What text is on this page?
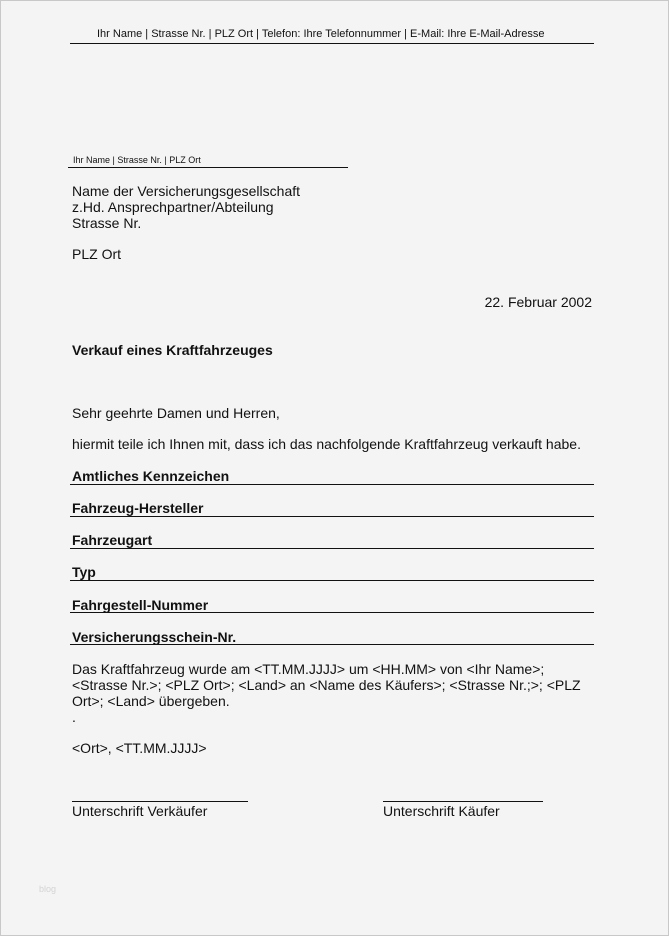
Ihr Name | Strasse Nr. | PLZ Ort | Telefon: Ihre Telefonnummer | E-Mail: Ihre E-Mail-Adresse
Ihr Name | Strasse Nr. | PLZ Ort
Name der Versicherungsgesellschaft
z.Hd. Ansprechpartner/Abteilung
Strasse Nr.
PLZ Ort
22. Februar 2002
Verkauf eines Kraftfahrzeuges
Sehr geehrte Damen und Herren,
hiermit teile ich Ihnen mit, dass ich das nachfolgende Kraftfahrzeug verkauft habe.
Amtliches Kennzeichen
Fahrzeug-Hersteller
Fahrzeugart
Typ
Fahrgestell-Nummer
Versicherungsschein-Nr.
Das Kraftfahrzeug wurde am <TT.MM.JJJJ> um <HH.MM> von <Ihr Name>;
<Strasse Nr.>; <PLZ Ort>; <Land> an <Name des Käufers>; <Strasse Nr.;>; <PLZ
Ort>; <Land> übergeben.
.
<Ort>, <TT.MM.JJJJ>
Unterschrift Verkäufer	Unterschrift Käufer
blog
